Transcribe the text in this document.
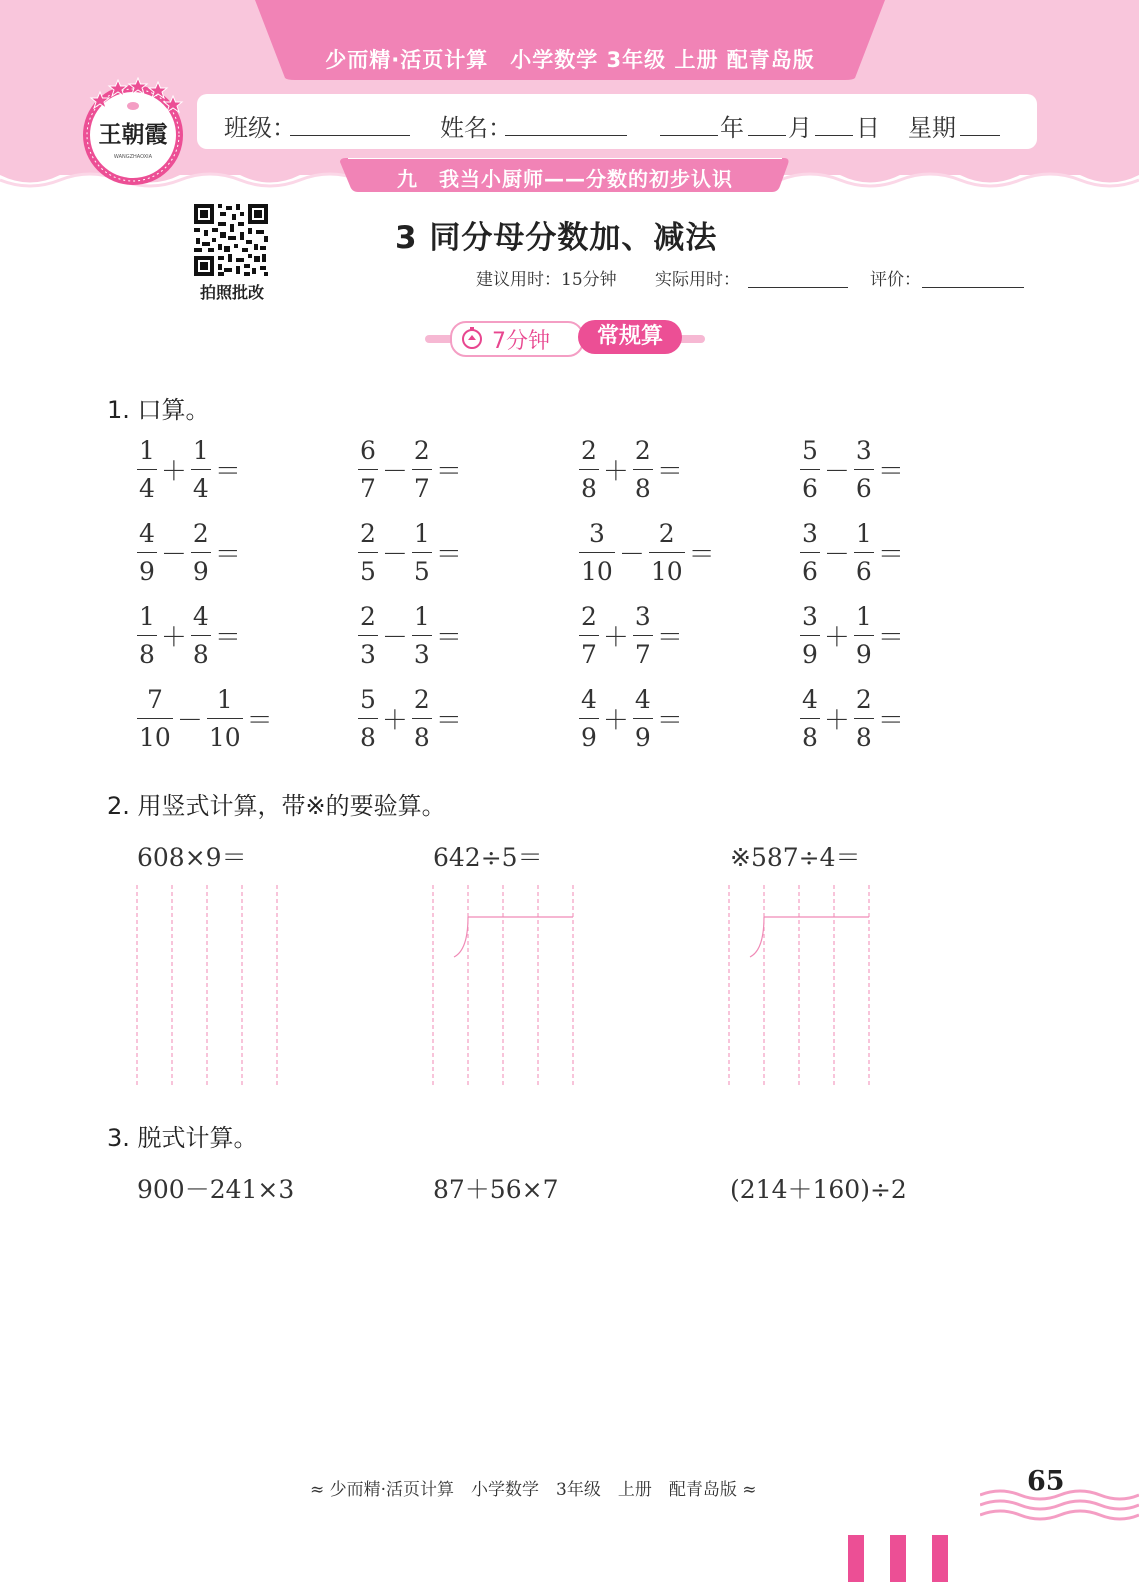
少而精·活页计算　小学数学 3年级 上册 配青岛版
班级：	姓名：	年 月 日 星期
王朝霞
WANGZHAOXIA
九　我当小厨师——分数的初步认识
拍照批改
3 同分母分数加、减法
建议用时：15分钟 实际用时：	评价：
7分钟	常规算
1. 口算。
$\frac{1}{4} + \frac{1}{4}$ ＝	$\frac{6}{7} - \frac{2}{7}$ ＝	$\frac{2}{8} + \frac{2}{8}$ ＝	$\frac{5}{6} - \frac{3}{6}$ ＝
$\frac{4}{9} - \frac{2}{9}$ ＝	$\frac{2}{5} - \frac{1}{5}$ ＝	$\frac{3}{10} - \frac{2}{10}$ ＝	$\frac{3}{6} - \frac{1}{6}$ ＝
$\frac{1}{8} + \frac{4}{8}$ ＝	$\frac{2}{3} - \frac{1}{3}$ ＝	$\frac{2}{7} + \frac{3}{7}$ ＝	$\frac{3}{9} + \frac{1}{9}$ ＝
$\frac{7}{10} - \frac{1}{10}$ ＝	$\frac{5}{8} + \frac{2}{8}$ ＝	$\frac{4}{9} + \frac{4}{9}$ ＝	$\frac{4}{8} + \frac{2}{8}$ ＝
2. 用竖式计算，带※的要验算。
608×9＝	642÷5＝	※587÷4＝
3. 脱式计算。
900－241×3	87＋56×7	(214＋160)÷2
≈ 少而精·活页计算　小学数学　3年级　上册　配青岛版 ≈	65
